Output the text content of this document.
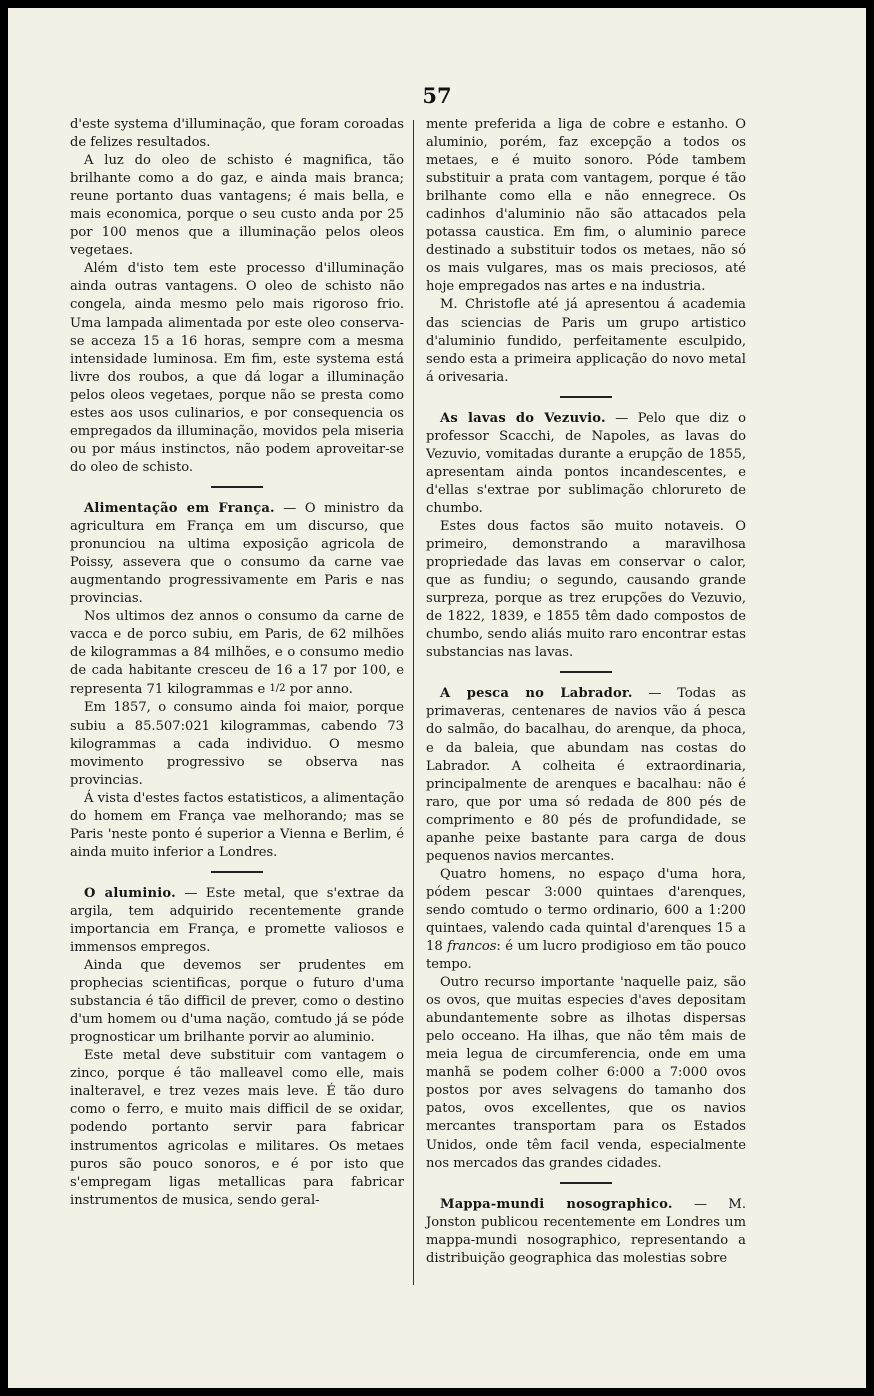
57

d'este systema d'illuminação, que foram coroadas de felizes resultados.

A luz do oleo de schisto é magnifica, tão brilhante como a do gaz, e ainda mais branca; reune portanto duas vantagens; é mais bella, e mais economica, porque o seu custo anda por 25 por 100 menos que a illuminação pelos oleos vegetaes.

Além d'isto tem este processo d'illuminação ainda outras vantagens. O oleo de schisto não congela, ainda mesmo pelo mais rigoroso frio. Uma lampada alimentada por este oleo conserva-se acceza 15 a 16 horas, sempre com a mesma intensidade luminosa. Em fim, este systema está livre dos roubos, a que dá logar a illuminação pelos oleos vegetaes, porque não se presta como estes aos usos culinarios, e por consequencia os empregados da illuminação, movidos pela miseria ou por máus instinctos, não podem aproveitar-se do oleo de schisto.

Alimentação em França. — O ministro da agricultura em França em um discurso, que pronunciou na ultima exposição agricola de Poissy, assevera que o consumo da carne vae augmentando progressivamente em Paris e nas provincias.

Nos ultimos dez annos o consumo da carne de vacca e de porco subiu, em Paris, de 62 milhões de kilogrammas a 84 milhões, e o consumo medio de cada habitante cresceu de 16 a 17 por 100, e representa 71 kilogrammas e 1/2 por anno.

Em 1857, o consumo ainda foi maior, porque subiu a 85.507:021 kilogrammas, cabendo 73 kilogrammas a cada individuo. O mesmo movimento progressivo se observa nas provincias.

Á vista d'estes factos estatisticos, a alimentação do homem em França vae melhorando; mas se Paris 'neste ponto é superior a Vienna e Berlim, é ainda muito inferior a Londres.

O aluminio. — Este metal, que s'extrae da argila, tem adquirido recentemente grande importancia em França, e promette valiosos e immensos empregos.

Ainda que devemos ser prudentes em prophecias scientificas, porque o futuro d'uma substancia é tão difficil de prever, como o destino d'um homem ou d'uma nação, comtudo já se póde prognosticar um brilhante porvir ao aluminio.

Este metal deve substituir com vantagem o zinco, porque é tão malleavel como elle, mais inalteravel, e trez vezes mais leve. É tão duro como o ferro, e muito mais difficil de se oxidar, podendo portanto servir para fabricar instrumentos agricolas e militares. Os metaes puros são pouco sonoros, e é por isto que s'empregam ligas metallicas para fabricar instrumentos de musica, sendo geral-

mente preferida a liga de cobre e estanho. O aluminio, porém, faz excepção a todos os metaes, e é muito sonoro. Póde tambem substituir a prata com vantagem, porque é tão brilhante como ella e não ennegrece. Os cadinhos d'aluminio não são attacados pela potassa caustica. Em fim, o aluminio parece destinado a substituir todos os metaes, não só os mais vulgares, mas os mais preciosos, até hoje empregados nas artes e na industria.

M. Christofle até já apresentou á academia das sciencias de Paris um grupo artistico d'aluminio fundido, perfeitamente esculpido, sendo esta a primeira applicação do novo metal á orivesaria.

As lavas do Vezuvio. — Pelo que diz o professor Scacchi, de Napoles, as lavas do Vezuvio, vomitadas durante a erupção de 1855, apresentam ainda pontos incandescentes, e d'ellas s'extrae por sublimação chlorureto de chumbo.

Estes dous factos são muito notaveis. O primeiro, demonstrando a maravilhosa propriedade das lavas em conservar o calor, que as fundiu; o segundo, causando grande surpreza, porque as trez erupções do Vezuvio, de 1822, 1839, e 1855 têm dado compostos de chumbo, sendo aliás muito raro encontrar estas substancias nas lavas.

A pesca no Labrador. — Todas as primaveras, centenares de navios vão á pesca do salmão, do bacalhau, do arenque, da phoca, e da baleia, que abundam nas costas do Labrador. A colheita é extraordinaria, principalmente de arenques e bacalhau: não é raro, que por uma só redada de 800 pés de comprimento e 80 pés de profundidade, se apanhe peixe bastante para carga de dous pequenos navios mercantes.

Quatro homens, no espaço d'uma hora, pódem pescar 3:000 quintaes d'arenques, sendo comtudo o termo ordinario, 600 a 1:200 quintaes, valendo cada quintal d'arenques 15 a 18 francos: é um lucro prodigioso em tão pouco tempo.

Outro recurso importante 'naquelle paiz, são os ovos, que muitas especies d'aves depositam abundantemente sobre as ilhotas dispersas pelo occeano. Ha ilhas, que não têm mais de meia legua de circumferencia, onde em uma manhã se podem colher 6:000 a 7:000 ovos postos por aves selvagens do tamanho dos patos, ovos excellentes, que os navios mercantes transportam para os Estados Unidos, onde têm facil venda, especialmente nos mercados das grandes cidades.

Mappa-mundi nosographico. — M. Jonston publicou recentemente em Londres um mappa-mundi nosographico, representando a distribuição geographica das molestias sobre
